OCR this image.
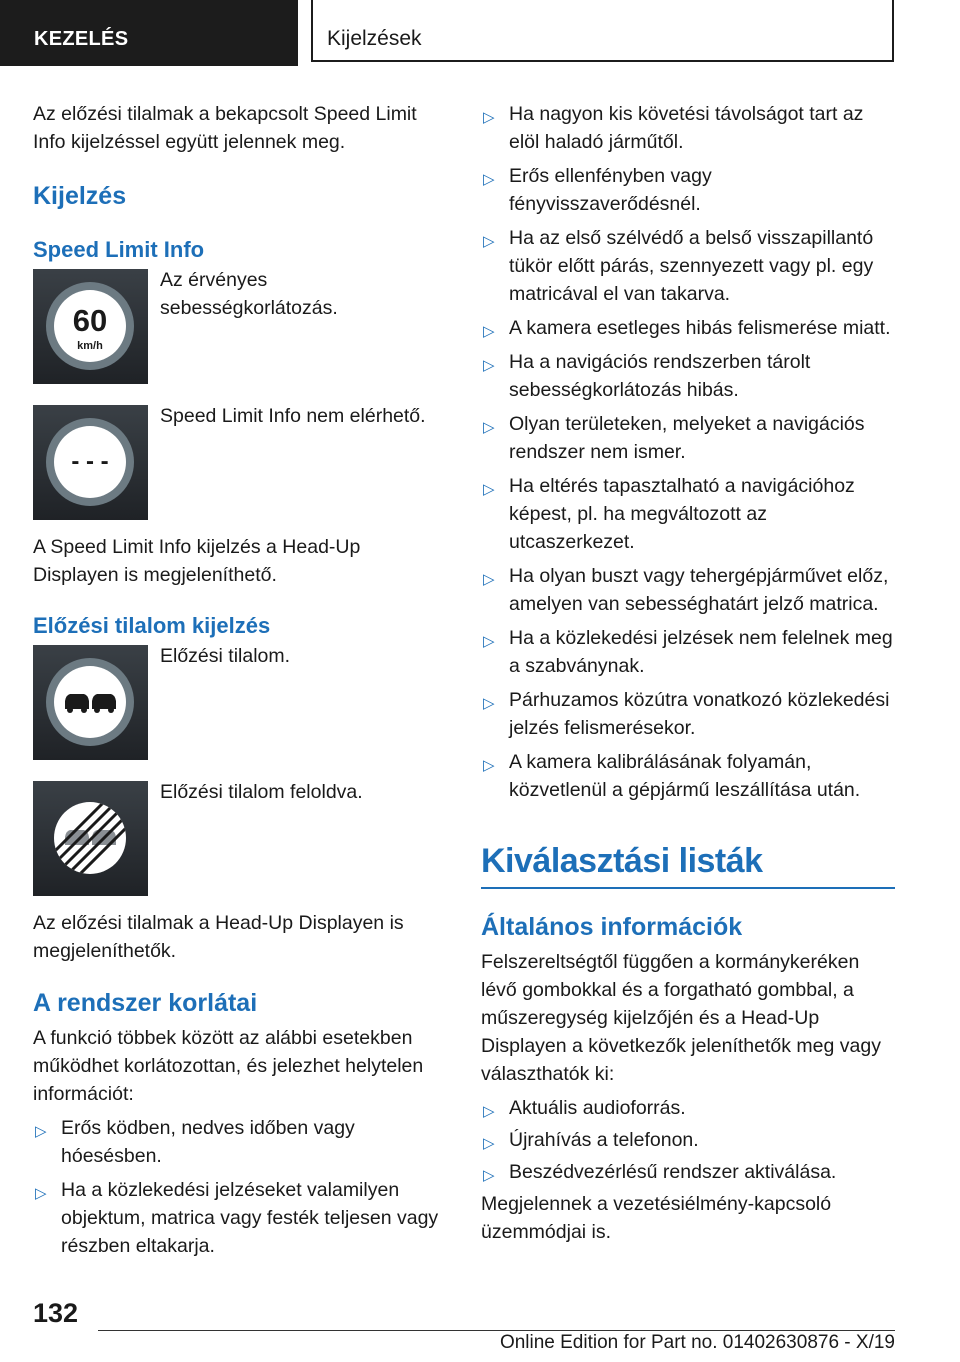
KEZELÉS	Kijelzések

Az előzési tilalmak a bekapcsolt Speed Limit Info kijelzéssel együtt jelennek meg.

Kijelzés
Speed Limit Info
60
km/h

Az érvényes sebességkorlátozás.

- - -

Speed Limit Info nem elérhető.

A Speed Limit Info kijelzés a Head-Up Displayen is megjeleníthető.

Előzési tilalom kijelzés

Előzési tilalom.

Előzési tilalom feloldva.

Az előzési tilalmak a Head-Up Displayen is megjeleníthetők.

A rendszer korlátai

A funkció többek között az alábbi esetekben működhet korlátozottan, és jelezhet helytelen információt:

▷ Erős ködben, nedves időben vagy hóesésben.
▷ Ha a közlekedési jelzéseket valamilyen objektum, matrica vagy festék teljesen vagy részben eltakarja.
▷ Ha nagyon kis követési távolságot tart az elöl haladó járműtől.
▷ Erős ellenfényben vagy fényvisszaverődésnél.
▷ Ha az első szélvédő a belső visszapillantó tükör előtt párás, szennyezett vagy pl. egy matricával el van takarva.
▷ A kamera esetleges hibás felismerése miatt.
▷ Ha a navigációs rendszerben tárolt sebességkorlátozás hibás.
▷ Olyan területeken, melyeket a navigációs rendszer nem ismer.
▷ Ha eltérés tapasztalható a navigációhoz képest, pl. ha megváltozott az utcaszerkezet.
▷ Ha olyan buszt vagy tehergépjárművet előz, amelyen van sebességhatárt jelző matrica.
▷ Ha a közlekedési jelzések nem felelnek meg a szabványnak.
▷ Párhuzamos közútra vonatkozó közlekedési jelzés felismerésekor.
▷ A kamera kalibrálásának folyamán, közvetlenül a gépjármű leszállítása után.
Kiválasztási listák
Általános információk

Felszereltségtől függően a kormánykeréken lévő gombokkal és a forgatható gombbal, a műszeregység kijelzőjén és a Head-Up Displayen a következők jeleníthetők meg vagy választhatók ki:

▷ Aktuális audioforrás.
▷ Újrahívás a telefonon.
▷ Beszédvezérlésű rendszer aktiválása.

Megjelennek a vezetésiélmény-kapcsoló üzemmódjai is.

132
Online Edition for Part no. 01402630876 - X/19
